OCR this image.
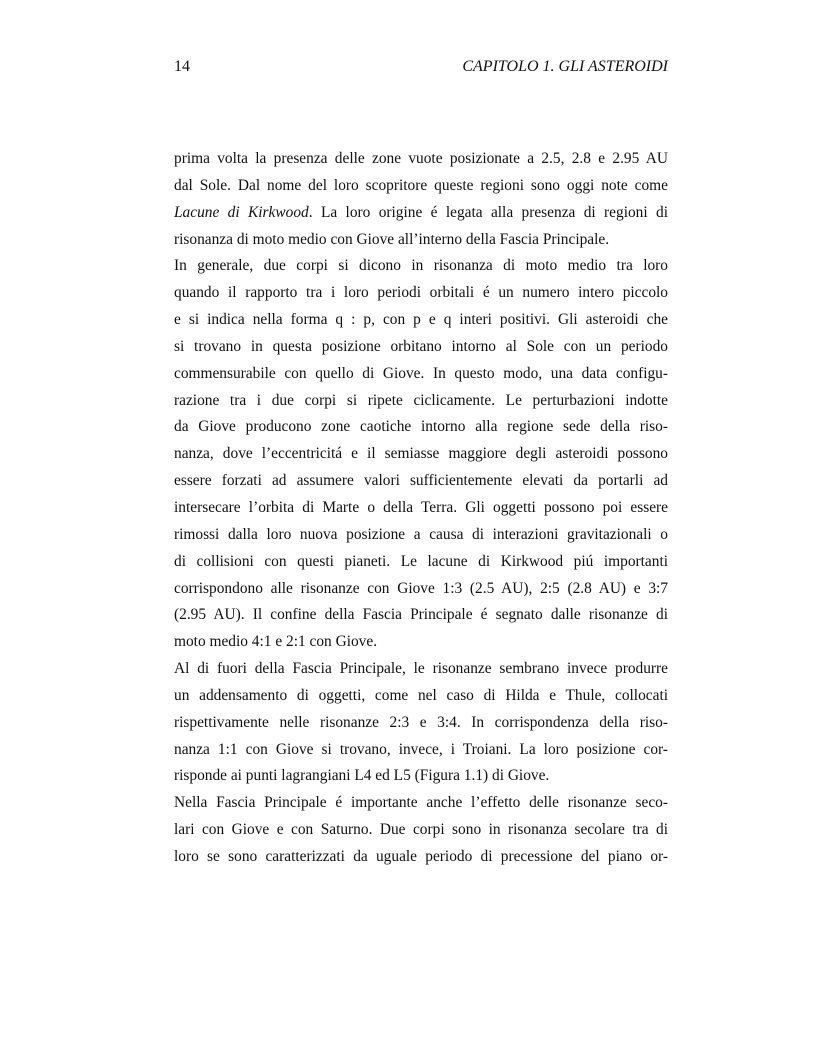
14	CAPITOLO 1. GLI ASTEROIDI
prima volta la presenza delle zone vuote posizionate a 2.5, 2.8 e 2.95 AU
dal Sole. Dal nome del loro scopritore queste regioni sono oggi note come
Lacune di Kirkwood. La loro origine é legata alla presenza di regioni di
risonanza di moto medio con Giove all’interno della Fascia Principale.
In generale, due corpi si dicono in risonanza di moto medio tra loro
quando il rapporto tra i loro periodi orbitali é un numero intero piccolo
e si indica nella forma q : p, con p e q interi positivi. Gli asteroidi che
si trovano in questa posizione orbitano intorno al Sole con un periodo
commensurabile con quello di Giove. In questo modo, una data configu-
razione tra i due corpi si ripete ciclicamente. Le perturbazioni indotte
da Giove producono zone caotiche intorno alla regione sede della riso-
nanza, dove l’eccentricitá e il semiasse maggiore degli asteroidi possono
essere forzati ad assumere valori sufficientemente elevati da portarli ad
intersecare l’orbita di Marte o della Terra. Gli oggetti possono poi essere
rimossi dalla loro nuova posizione a causa di interazioni gravitazionali o
di collisioni con questi pianeti. Le lacune di Kirkwood piú importanti
corrispondono alle risonanze con Giove 1:3 (2.5 AU), 2:5 (2.8 AU) e 3:7
(2.95 AU). Il confine della Fascia Principale é segnato dalle risonanze di
moto medio 4:1 e 2:1 con Giove.
Al di fuori della Fascia Principale, le risonanze sembrano invece produrre
un addensamento di oggetti, come nel caso di Hilda e Thule, collocati
rispettivamente nelle risonanze 2:3 e 3:4. In corrispondenza della riso-
nanza 1:1 con Giove si trovano, invece, i Troiani. La loro posizione cor-
risponde ai punti lagrangiani L4 ed L5 (Figura 1.1) di Giove.
Nella Fascia Principale é importante anche l’effetto delle risonanze seco-
lari con Giove e con Saturno. Due corpi sono in risonanza secolare tra di
loro se sono caratterizzati da uguale periodo di precessione del piano or-
